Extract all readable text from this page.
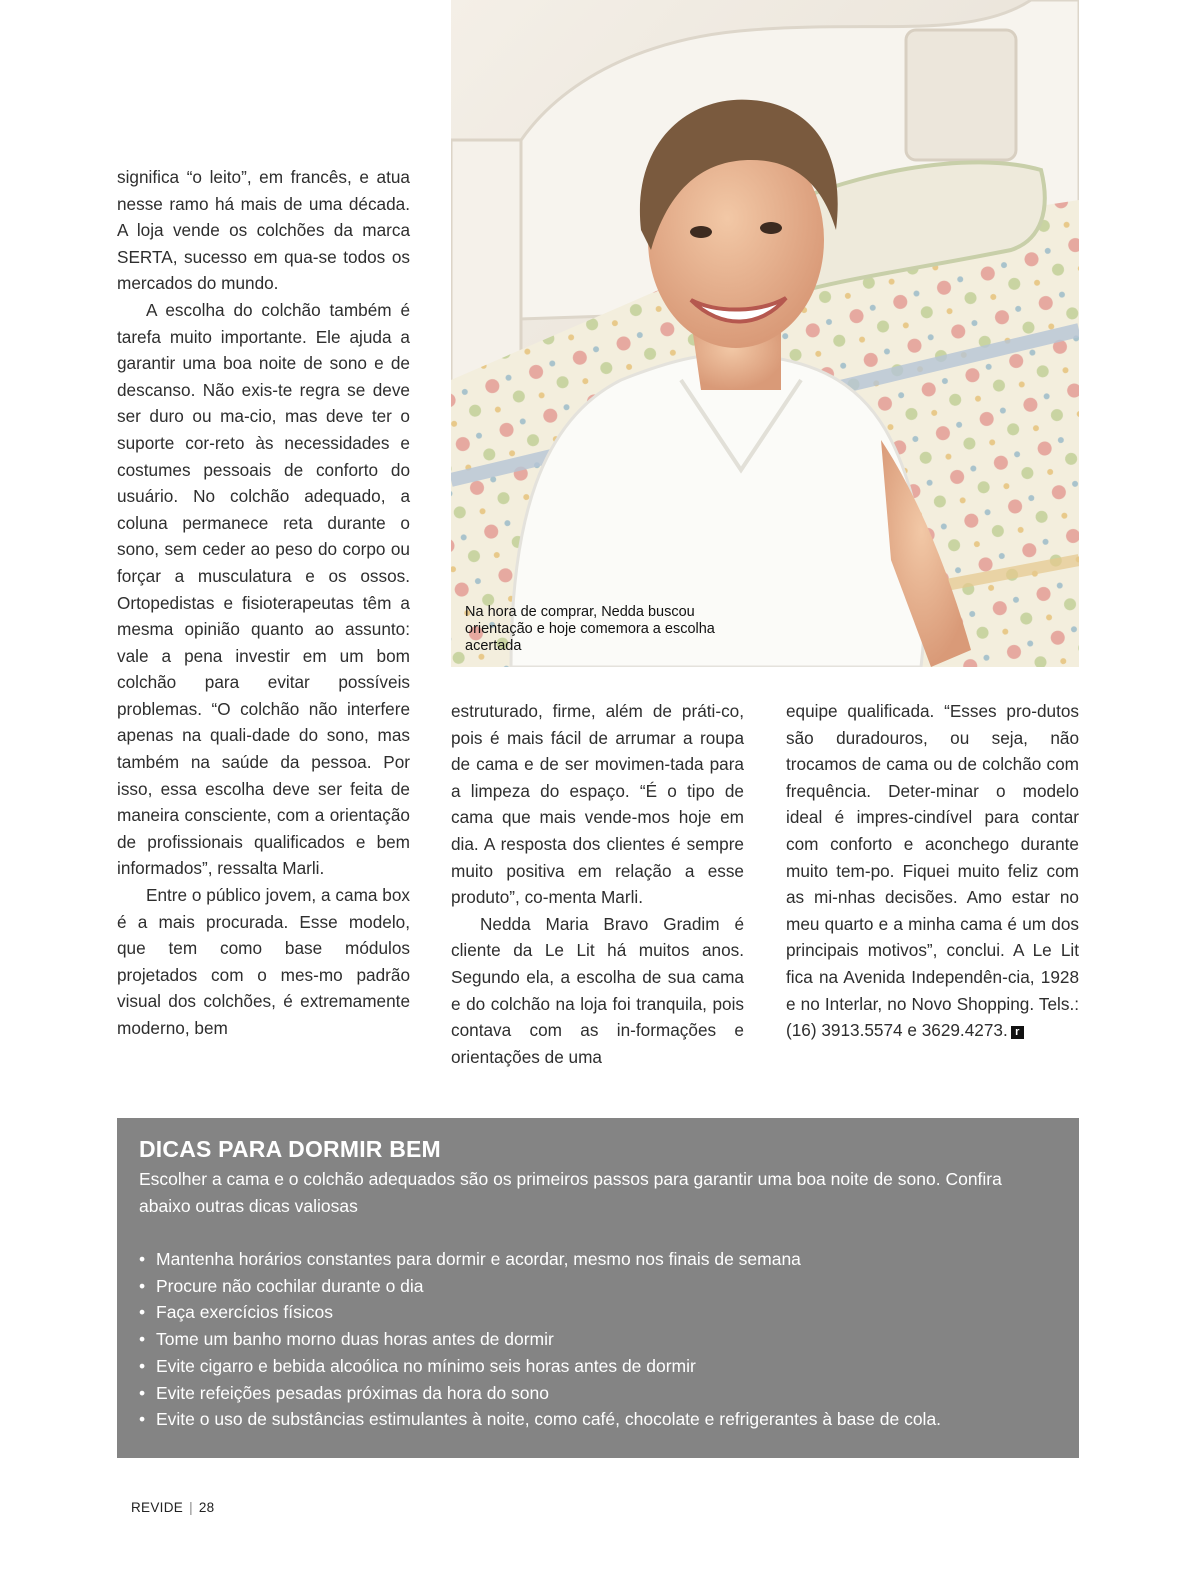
significa “o leito”, em francês, e atua nesse ramo há mais de uma década. A loja vende os colchões da marca SERTA, sucesso em qua-se todos os mercados do mundo.

A escolha do colchão também é tarefa muito importante. Ele ajuda a garantir uma boa noite de sono e de descanso. Não exis-te regra se deve ser duro ou ma-cio, mas deve ter o suporte cor-reto às necessidades e costumes pessoais de conforto do usuário. No colchão adequado, a coluna permanece reta durante o sono, sem ceder ao peso do corpo ou forçar a musculatura e os ossos. Ortopedistas e fisioterapeutas têm a mesma opinião quanto ao assunto: vale a pena investir em um bom colchão para evitar possíveis problemas. “O colchão não interfere apenas na quali-dade do sono, mas também na saúde da pessoa. Por isso, essa escolha deve ser feita de maneira consciente, com a orientação de profissionais qualificados e bem informados”, ressalta Marli.

Entre o público jovem, a cama box é a mais procurada. Esse modelo, que tem como base módulos projetados com o mes-mo padrão visual dos colchões, é extremamente moderno, bem

Na hora de comprar, Nedda buscou orientação e hoje comemora a escolha acertada

estruturado, firme, além de práti-co, pois é mais fácil de arrumar a roupa de cama e de ser movimen-tada para a limpeza do espaço. “É o tipo de cama que mais vende-mos hoje em dia. A resposta dos clientes é sempre muito positiva em relação a esse produto”, co-menta Marli.

Nedda Maria Bravo Gradim é cliente da Le Lit há muitos anos. Segundo ela, a escolha de sua cama e do colchão na loja foi tranquila, pois contava com as in-formações e orientações de uma

equipe qualificada. “Esses pro-dutos são duradouros, ou seja, não trocamos de cama ou de colchão com frequência. Deter-minar o modelo ideal é impres-cindível para contar com conforto e aconchego durante muito tem-po. Fiquei muito feliz com as mi-nhas decisões. Amo estar no meu quarto e a minha cama é um dos principais motivos”, conclui. A Le Lit fica na Avenida Independên-cia, 1928 e no Interlar, no Novo Shopping. Tels.: (16) 3913.5574 e 3629.4273. r

DICAS PARA DORMIR BEM

Escolher a cama e o colchão adequados são os primeiros passos para garantir uma boa noite de sono. Confira abaixo outras dicas valiosas

• Mantenha horários constantes para dormir e acordar, mesmo nos finais de semana
• Procure não cochilar durante o dia
• Faça exercícios físicos
• Tome um banho morno duas horas antes de dormir
• Evite cigarro e bebida alcoólica no mínimo seis horas antes de dormir
• Evite refeições pesadas próximas da hora do sono
• Evite o uso de substâncias estimulantes à noite, como café, chocolate e refrigerantes à base de cola.
REVIDE | 28
